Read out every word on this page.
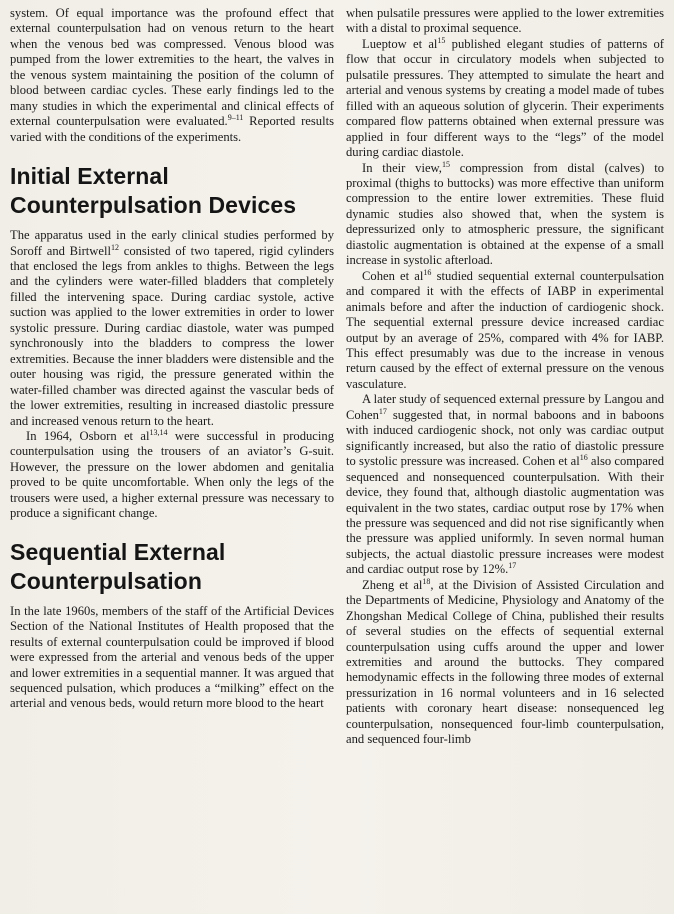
system. Of equal importance was the profound effect that external counterpulsation had on venous return to the heart when the venous bed was compressed. Venous blood was pumped from the lower extremities to the heart, the valves in the venous system maintaining the position of the column of blood between cardiac cycles. These early findings led to the many studies in which the experimental and clinical effects of external counterpulsation were evaluated.$^{9-11}$ Reported results varied with the conditions of the experiments.

Initial External Counterpulsation Devices

The apparatus used in the early clinical studies performed by Soroff and Birtwell$^{12}$ consisted of two tapered, rigid cylinders that enclosed the legs from ankles to thighs. Between the legs and the cylinders were water-filled bladders that completely filled the intervening space. During cardiac systole, active suction was applied to the lower extremities in order to lower systolic pressure. During cardiac diastole, water was pumped synchronously into the bladders to compress the lower extremities. Because the inner bladders were distensible and the outer housing was rigid, the pressure generated within the water-filled chamber was directed against the vascular beds of the lower extremities, resulting in increased diastolic pressure and increased venous return to the heart.

In 1964, Osborn et al$^{13,14}$ were successful in producing counterpulsation using the trousers of an aviator’s G-suit. However, the pressure on the lower abdomen and genitalia proved to be quite uncomfortable. When only the legs of the trousers were used, a higher external pressure was necessary to produce a significant change.

Sequential External Counterpulsation

In the late 1960s, members of the staff of the Artificial Devices Section of the National Institutes of Health proposed that the results of external counterpulsation could be improved if blood were expressed from the arterial and venous beds of the upper and lower extremities in a sequential manner. It was argued that sequenced pulsation, which produces a “milking” effect on the arterial and venous beds, would return more blood to the heart

when pulsatile pressures were applied to the lower extremities with a distal to proximal sequence.

Lueptow et $al^{15}$ published elegant studies of patterns of flow that occur in circulatory models when subjected to pulsatile pressures. They attempted to simulate the heart and arterial and venous systems by creating a model made of tubes filled with an aqueous solution of glycerin. Their experiments compared flow patterns obtained when external pressure was applied in four different ways to the “legs” of the model during cardiac diastole.

In their view,$^{15}$ compression from distal (calves) to proximal (thighs to buttocks) was more effective than uniform compression to the entire lower extremities. These fluid dynamic studies also showed that, when the system is depressurized only to atmospheric pressure, the significant diastolic augmentation is obtained at the expense of a small increase in systolic afterload.

Cohen et $al^{16}$ studied sequential external counterpulsation and compared it with the effects of IABP in experimental animals before and after the induction of cardiogenic shock. The sequential external pressure device increased cardiac output by an average of 25%, compared with 4% for IABP. This effect presumably was due to the increase in venous return caused by the effect of external pressure on the venous vasculature.

A later study of sequenced external pressure by Langou and Cohen$^{17}$ suggested that, in normal baboons and in baboons with induced cardiogenic shock, not only was cardiac output significantly increased, but also the ratio of diastolic pressure to systolic pressure was increased. Cohen et $al^{16}$ also compared sequenced and nonsequenced counterpulsation. With their device, they found that, although diastolic augmentation was equivalent in the two states, cardiac output rose by 17% when the pressure was sequenced and did not rise significantly when the pressure was applied uniformly. In seven normal human subjects, the actual diastolic pressure increases were modest and cardiac output rose by 12%.$^{17}$

Zheng et $al^{18}$, at the Division of Assisted Circulation and the Departments of Medicine, Physiology and Anatomy of the Zhongshan Medical College of China, published their results of several studies on the effects of sequential external counterpulsation using cuffs around the upper and lower extremities and around the buttocks. They compared hemodynamic effects in the following three modes of external pressurization in 16 normal volunteers and in 16 selected patients with coronary heart disease: nonsequenced leg counterpulsation, nonsequenced four-limb counterpulsation, and sequenced four-limb
